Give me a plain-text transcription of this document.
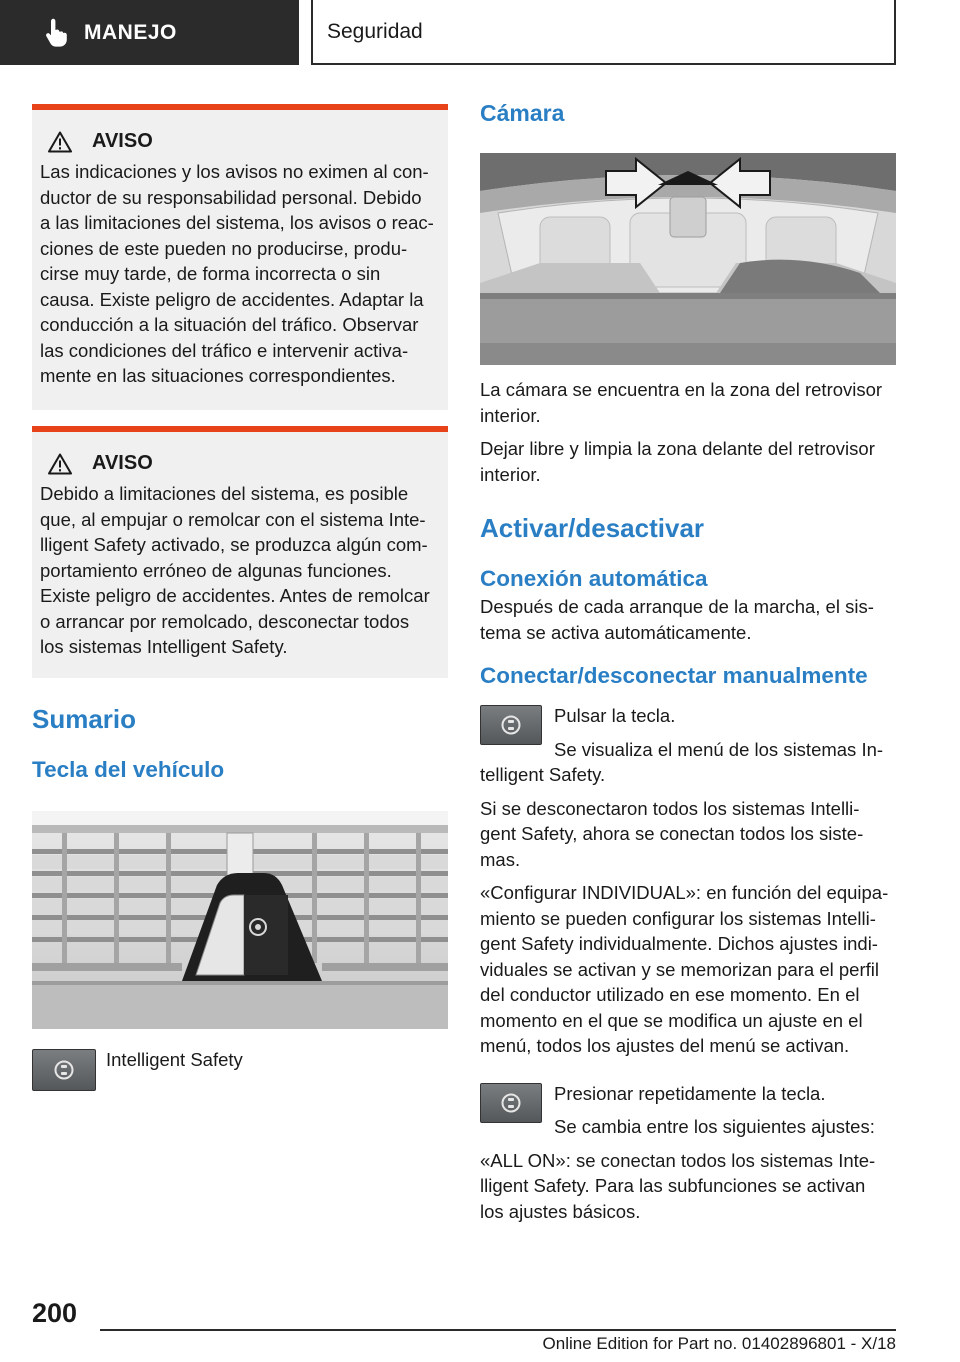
MANEJO	Seguridad
AVISO
Las indicaciones y los avisos no eximen al con-
ductor de su responsabilidad personal. Debido
a las limitaciones del sistema, los avisos o reac-
ciones de este pueden no producirse, produ-
cirse muy tarde, de forma incorrecta o sin
causa. Existe peligro de accidentes. Adaptar la
conducción a la situación del tráfico. Observar
las condiciones del tráfico e intervenir activa-
mente en las situaciones correspondientes.
AVISO
Debido a limitaciones del sistema, es posible
que, al empujar o remolcar con el sistema Inte-
lligent Safety activado, se produzca algún com-
portamiento erróneo de algunas funciones.
Existe peligro de accidentes. Antes de remolcar
o arrancar por remolcado, desconectar todos
los sistemas Intelligent Safety.
Sumario
Tecla del vehículo
Intelligent Safety
Cámara
La cámara se encuentra en la zona del retrovisor
interior.
Dejar libre y limpia la zona delante del retrovisor
interior.
Activar/desactivar
Conexión automática
Después de cada arranque de la marcha, el sis-
tema se activa automáticamente.
Conectar/desconectar manualmente
Pulsar la tecla.
Se visualiza el menú de los sistemas In-
telligent Safety.
Si se desconectaron todos los sistemas Intelli-
gent Safety, ahora se conectan todos los siste-
mas.
«Configurar INDIVIDUAL»: en función del equipa-
miento se pueden configurar los sistemas Intelli-
gent Safety individualmente. Dichos ajustes indi-
viduales se activan y se memorizan para el perfil
del conductor utilizado en ese momento. En el
momento en el que se modifica un ajuste en el
menú, todos los ajustes del menú se activan.
Presionar repetidamente la tecla.
Se cambia entre los siguientes ajustes:
«ALL ON»: se conectan todos los sistemas Inte-
lligent Safety. Para las subfunciones se activan
los ajustes básicos.
200
Online Edition for Part no. 01402896801 - X/18
